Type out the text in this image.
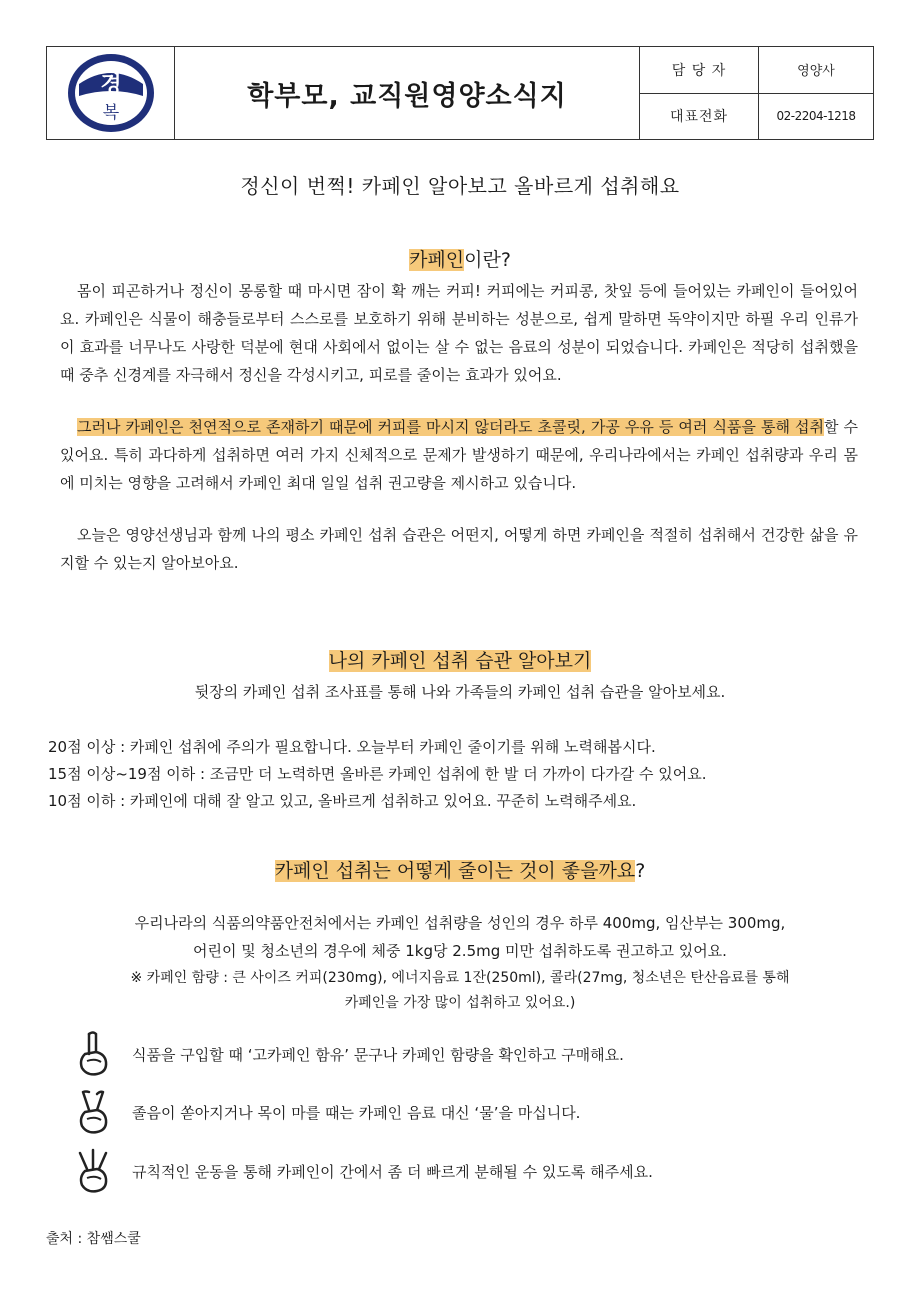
경
복
학부모, 교직원영양소식지
담 당 자	영양사
대표전화	02-2204-1218
정신이 번쩍! 카페인 알아보고 올바르게 섭취해요
카페인이란?

몸이 피곤하거나 정신이 몽롱할 때 마시면 잠이 확 깨는 커피! 커피에는 커피콩, 찻잎 등에 들어있는 카페인이 들어있어요. 카페인은 식물이 해충들로부터 스스로를 보호하기 위해 분비하는 성분으로, 쉽게 말하면 독약이지만 하필 우리 인류가 이 효과를 너무나도 사랑한 덕분에 현대 사회에서 없이는 살 수 없는 음료의 성분이 되었습니다. 카페인은 적당히 섭취했을 때 중추 신경계를 자극해서 정신을 각성시키고, 피로를 줄이는 효과가 있어요.

그러나 카페인은 천연적으로 존재하기 때문에 커피를 마시지 않더라도 초콜릿, 가공 우유 등 여러 식품을 통해 섭취할 수 있어요. 특히 과다하게 섭취하면 여러 가지 신체적으로 문제가 발생하기 때문에, 우리나라에서는 카페인 섭취량과 우리 몸에 미치는 영향을 고려해서 카페인 최대 일일 섭취 권고량을 제시하고 있습니다.

오늘은 영양선생님과 함께 나의 평소 카페인 섭취 습관은 어떤지, 어떻게 하면 카페인을 적절히 섭취해서 건강한 삶을 유지할 수 있는지 알아보아요.

나의 카페인 섭취 습관 알아보기
뒷장의 카페인 섭취 조사표를 통해 나와 가족들의 카페인 섭취 습관을 알아보세요.
20점 이상 : 카페인 섭취에 주의가 필요합니다. 오늘부터 카페인 줄이기를 위해 노력해봅시다.
15점 이상~19점 이하 : 조금만 더 노력하면 올바른 카페인 섭취에 한 발 더 가까이 다가갈 수 있어요.
10점 이하 : 카페인에 대해 잘 알고 있고, 올바르게 섭취하고 있어요. 꾸준히 노력해주세요.
카페인 섭취는 어떻게 줄이는 것이 좋을까요?
우리나라의 식품의약품안전처에서는 카페인 섭취량을 성인의 경우 하루 400mg, 임산부는 300mg,
어린이 및 청소년의 경우에 체중 1kg당 2.5mg 미만 섭취하도록 권고하고 있어요.
※ 카페인 함량 : 큰 사이즈 커피(230mg), 에너지음료 1잔(250ml), 콜라(27mg, 청소년은 탄산음료를 통해
카페인을 가장 많이 섭취하고 있어요.)
식품을 구입할 때 ‘고카페인 함유’ 문구나 카페인 함량을 확인하고 구매해요.
졸음이 쏟아지거나 목이 마를 때는 카페인 음료 대신 ‘물’을 마십니다.
규칙적인 운동을 통해 카페인이 간에서 좀 더 빠르게 분해될 수 있도록 해주세요.
출처 : 참쌤스쿨
